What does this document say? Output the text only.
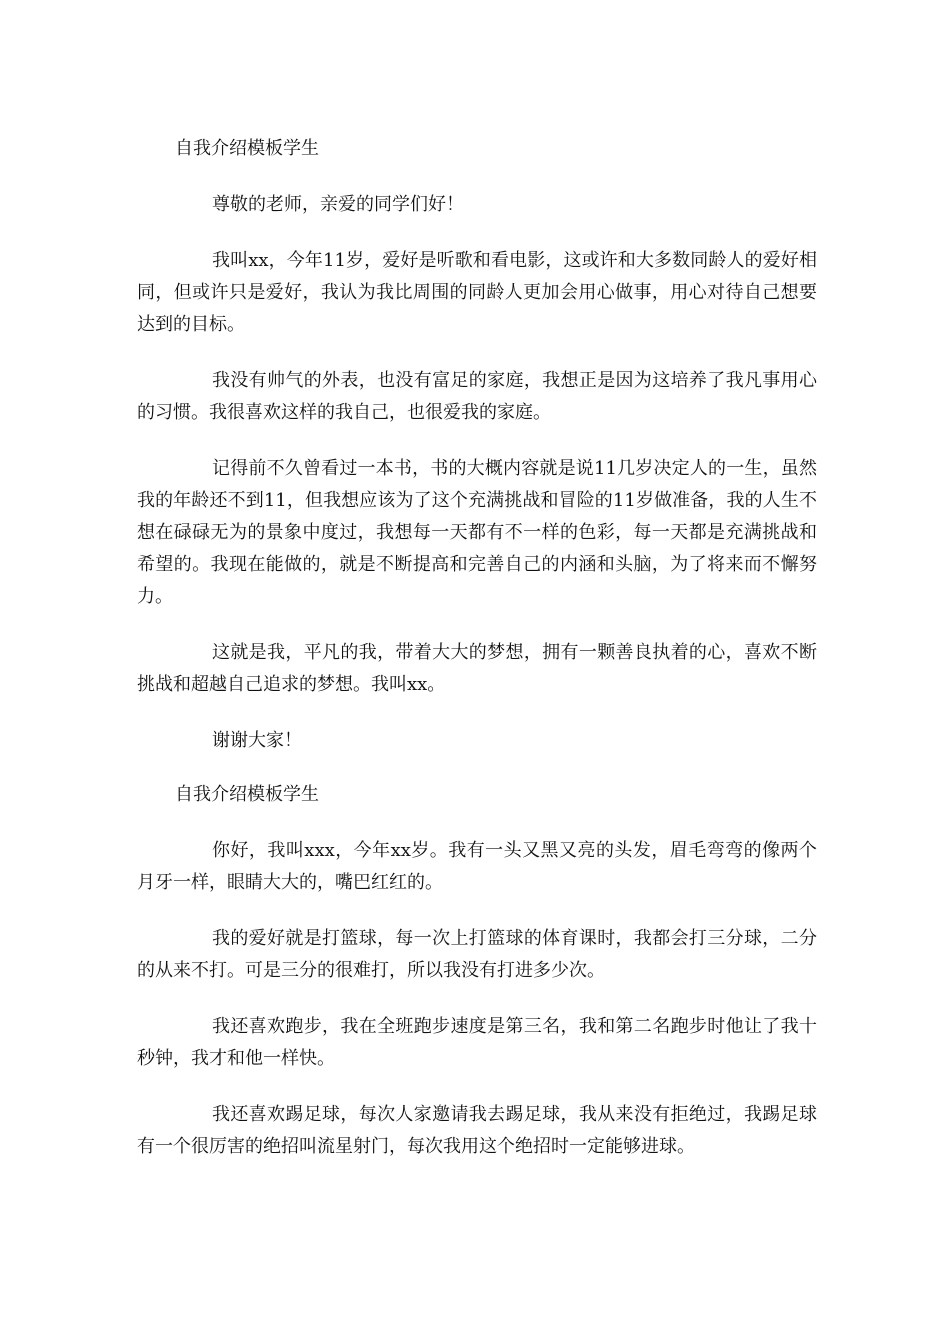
自我介绍模板学生

尊敬的老师，亲爱的同学们好！

我叫xx，今年11岁，爱好是听歌和看电影，这或许和大多数同龄人的爱好相同，但或许只是爱好，我认为我比周围的同龄人更加会用心做事，用心对待自己想要达到的目标。

我没有帅气的外表，也没有富足的家庭，我想正是因为这培养了我凡事用心的习惯。我很喜欢这样的我自己，也很爱我的家庭。

记得前不久曾看过一本书，书的大概内容就是说11几岁决定人的一生，虽然我的年龄还不到11，但我想应该为了这个充满挑战和冒险的11岁做准备，我的人生不想在碌碌无为的景象中度过，我想每一天都有不一样的色彩，每一天都是充满挑战和希望的。我现在能做的，就是不断提高和完善自己的内涵和头脑，为了将来而不懈努力。

这就是我，平凡的我，带着大大的梦想，拥有一颗善良执着的心，喜欢不断挑战和超越自己追求的梦想。我叫xx。

谢谢大家！

自我介绍模板学生

你好，我叫xxx，今年xx岁。我有一头又黑又亮的头发，眉毛弯弯的像两个月牙一样，眼睛大大的，嘴巴红红的。

我的爱好就是打篮球，每一次上打篮球的体育课时，我都会打三分球，二分的从来不打。可是三分的很难打，所以我没有打进多少次。

我还喜欢跑步，我在全班跑步速度是第三名，我和第二名跑步时他让了我十秒钟，我才和他一样快。

我还喜欢踢足球，每次人家邀请我去踢足球，我从来没有拒绝过，我踢足球有一个很厉害的绝招叫流星射门，每次我用这个绝招时一定能够进球。
